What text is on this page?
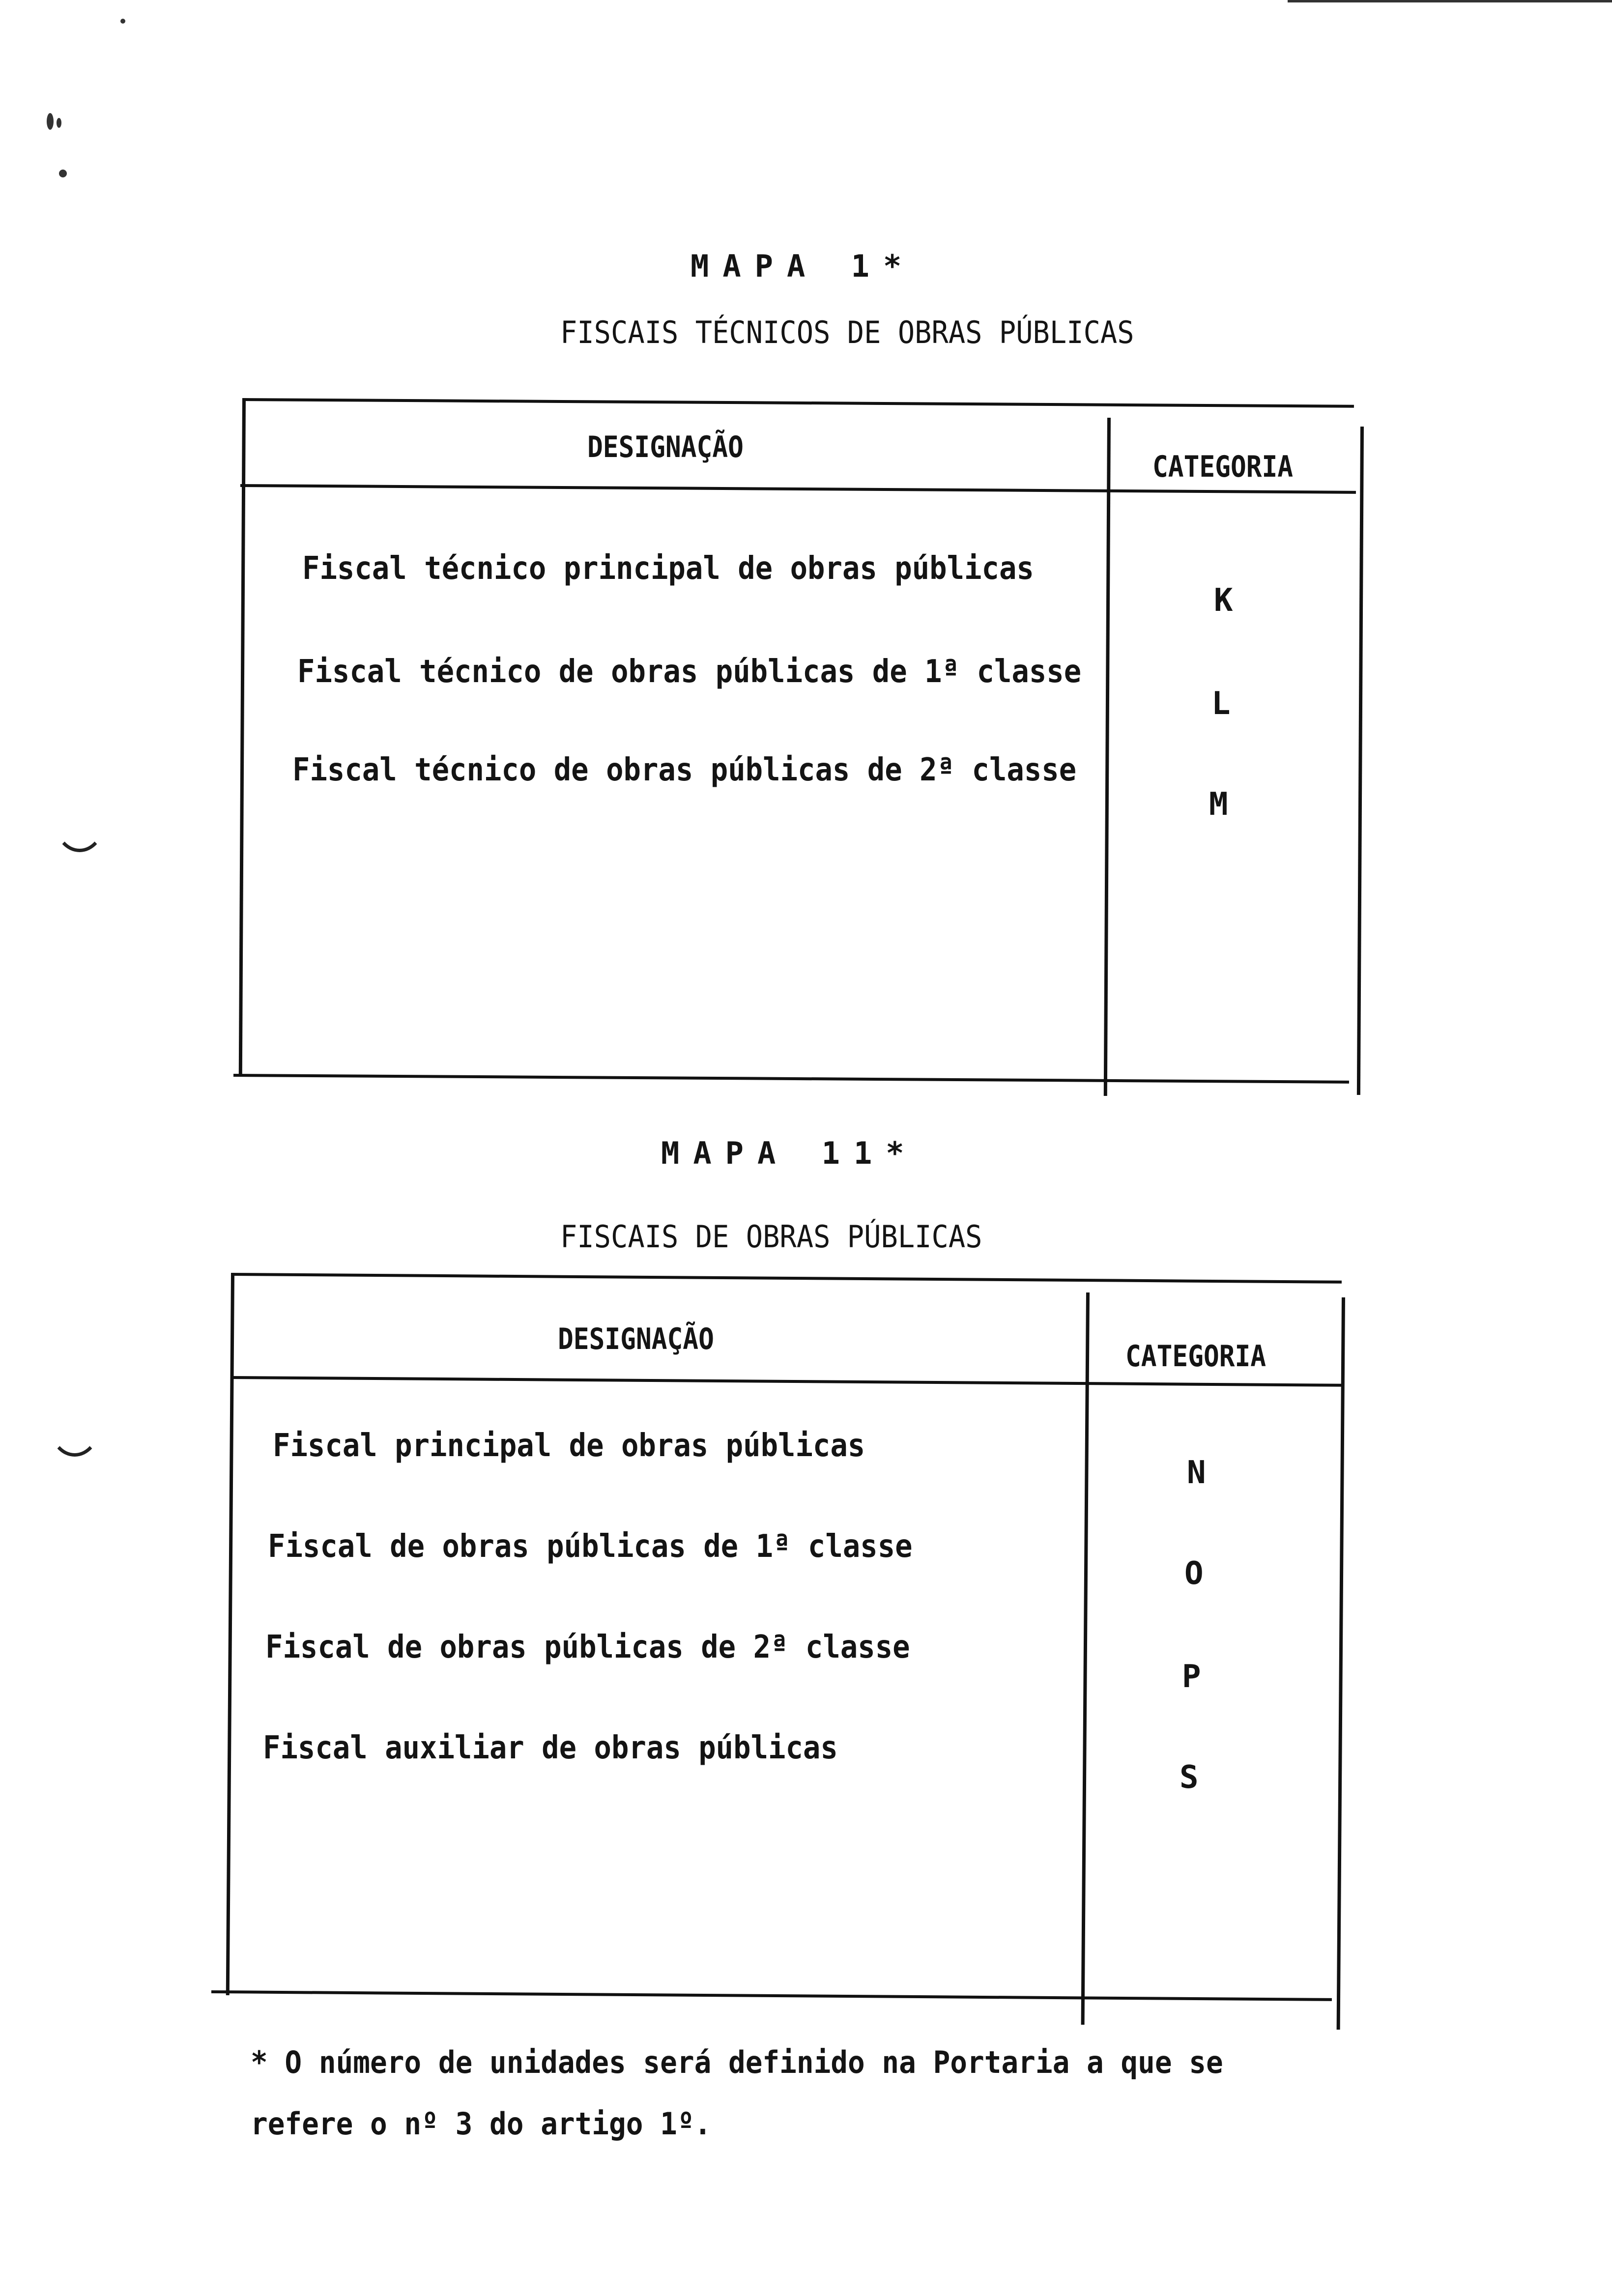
MAPA 1*
FISCAIS TÉCNICOS DE OBRAS PÚBLICAS
DESIGNAÇÃO
CATEGORIA
Fiscal técnico principal de obras públicas
K
Fiscal técnico de obras públicas de 1ª classe
L
Fiscal técnico de obras públicas de 2ª classe
M
MAPA 11*
FISCAIS DE OBRAS PÚBLICAS
DESIGNAÇÃO	CATEGORIA
Fiscal principal de obras públicas
N
Fiscal de obras públicas de 1ª classe
O
Fiscal de obras públicas de 2ª classe
P
Fiscal auxiliar de obras públicas
S
* O número de unidades será definido na Portaria a que se
refere o nº 3 do artigo 1º.
